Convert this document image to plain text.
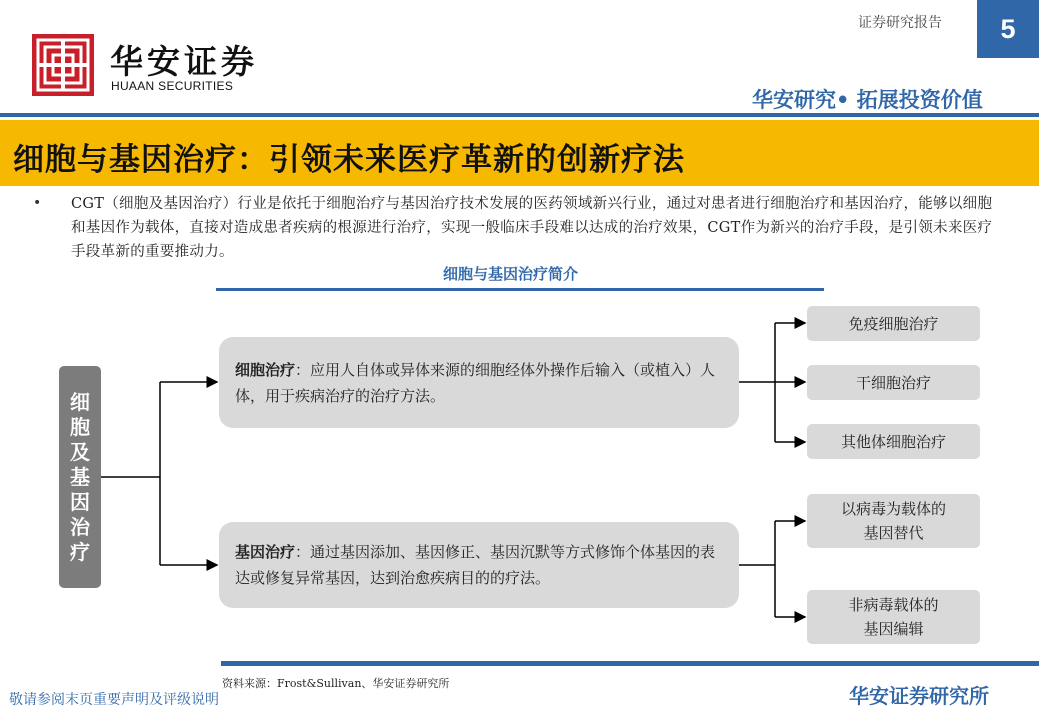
华安证券
HUAAN SECURITIES
证券研究报告	5
华安研究• 拓展投资价值
细胞与基因治疗：引领未来医疗革新的创新疗法
• CGT（细胞及基因治疗）行业是依托于细胞治疗与基因治疗技术发展的医药领域新兴行业，通过对患者进行细胞治疗和基因治疗，能够以细胞和基因作为载体，直接对造成患者疾病的根源进行治疗，实现一般临床手段难以达成的治疗效果，CGT作为新兴的治疗手段，是引领未来医疗手段革新的重要推动力。
细胞与基因治疗简介
细
胞
及
基
因
治
疗
细胞治疗：应用人自体或异体来源的细胞经体外操作后输入（或植入）人体，用于疾病治疗的治疗方法。
基因治疗：通过基因添加、基因修正、基因沉默等方式修饰个体基因的表达或修复异常基因，达到治愈疾病目的的疗法。
免疫细胞治疗
干细胞治疗
其他体细胞治疗
以病毒为载体的
基因替代
非病毒载体的
基因编辑
资料来源：Frost&Sullivan、华安证券研究所
敬请参阅末页重要声明及评级说明	华安证券研究所
